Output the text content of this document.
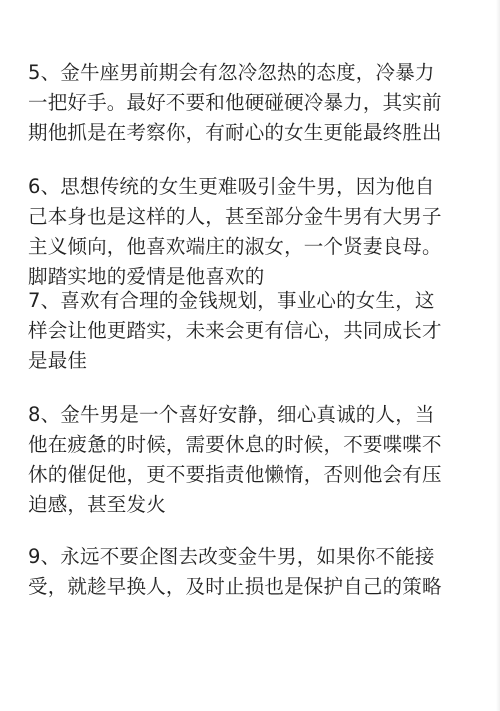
5、金牛座男前期会有忽冷忽热的态度，冷暴力
一把好手。最好不要和他硬碰硬冷暴力，其实前
期他抓是在考察你，有耐心的女生更能最终胜出

6、思想传统的女生更难吸引金牛男，因为他自
己本身也是这样的人，甚至部分金牛男有大男子
主义倾向，他喜欢端庄的淑女，一个贤妻良母。
脚踏实地的爱情是他喜欢的

7、喜欢有合理的金钱规划，事业心的女生，这
样会让他更踏实，未来会更有信心，共同成长才
是最佳

8、金牛男是一个喜好安静，细心真诚的人，当
他在疲惫的时候，需要休息的时候，不要喋喋不
休的催促他，更不要指责他懒惰，否则他会有压
迫感，甚至发火

9、永远不要企图去改变金牛男，如果你不能接
受，就趁早换人，及时止损也是保护自己的策略
